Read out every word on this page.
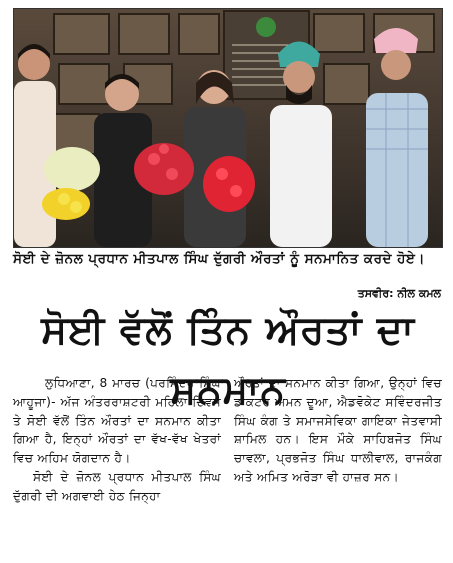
ਸੋਈ ਦੇ ਜ਼ੋਨਲ ਪ੍ਰਧਾਨ ਮੀਤਪਾਲ ਸਿੰਘ ਦੁੱਗਰੀ ਔਰਤਾਂ ਨੂੰ ਸਨਮਾਨਿਤ ਕਰਦੇ ਹੋਏ।
ਤਸਵੀਰ: ਨੀਲ ਕਮਲ
ਸੋਈ ਵੱਲੋਂ ਤਿੰਨ ਔਰਤਾਂ ਦਾ ਸਨਮਾਨ

ਲੁਧਿਆਣਾ, 8 ਮਾਰਚ (ਪਰਮਿੰਦਰ ਸਿੰਘ ਆਹੂਜਾ)- ਅੱਜ ਅੰਤਰਰਾਸ਼ਟਰੀ ਮਹਿਲਾ ਦਿਵਸ ਤੇ ਸੋਈ ਵੱਲੋਂ ਤਿੰਨ ਔਰਤਾਂ ਦਾ ਸਨਮਾਨ ਕੀਤਾ ਗਿਆ ਹੈ, ਇਨ੍ਹਾਂ ਔਰਤਾਂ ਦਾ ਵੱਖ-ਵੱਖ ਖੇਤਰਾਂ ਵਿਚ ਅਹਿਮ ਯੋਗਦਾਨ ਹੈ।

ਸੋਈ ਦੇ ਜ਼ੋਨਲ ਪ੍ਰਧਾਨ ਮੀਤਪਾਲ ਸਿੰਘ ਦੁੱਗਰੀ ਦੀ ਅਗਵਾਈ ਹੇਠ ਜਿਨ੍ਹਾ

ਔਰਤਾਂ ਦਾ ਸਨਮਾਨ ਕੀਤਾ ਗਿਆ, ਉਨ੍ਹਾਂ ਵਿਚ ਡਾਕਟਰ ਅਮਨ ਦੂਆ, ਐਡਵੋਕੇਟ ਸਵਿੰਦਰਜੀਤ ਸਿੰਘ ਕੰਗ ਤੇ ਸਮਾਜਸੇਵਿਕਾ ਗਾਇਕਾ ਜੇਤਵਾਸੀ ਸ਼ਾਮਿਲ ਹਨ। ਇਸ ਮੌਕੇ ਸਾਹਿਬਜੋਤ ਸਿੰਘ ਚਾਵਲਾ, ਪ੍ਰਭਜੋਤ ਸਿੰਘ ਧਾਲੀਵਾਲ, ਰਾਜਕੰਗ ਅਤੇ ਅਮਿਤ ਅਰੋੜਾ ਵੀ ਹਾਜ਼ਰ ਸਨ।
